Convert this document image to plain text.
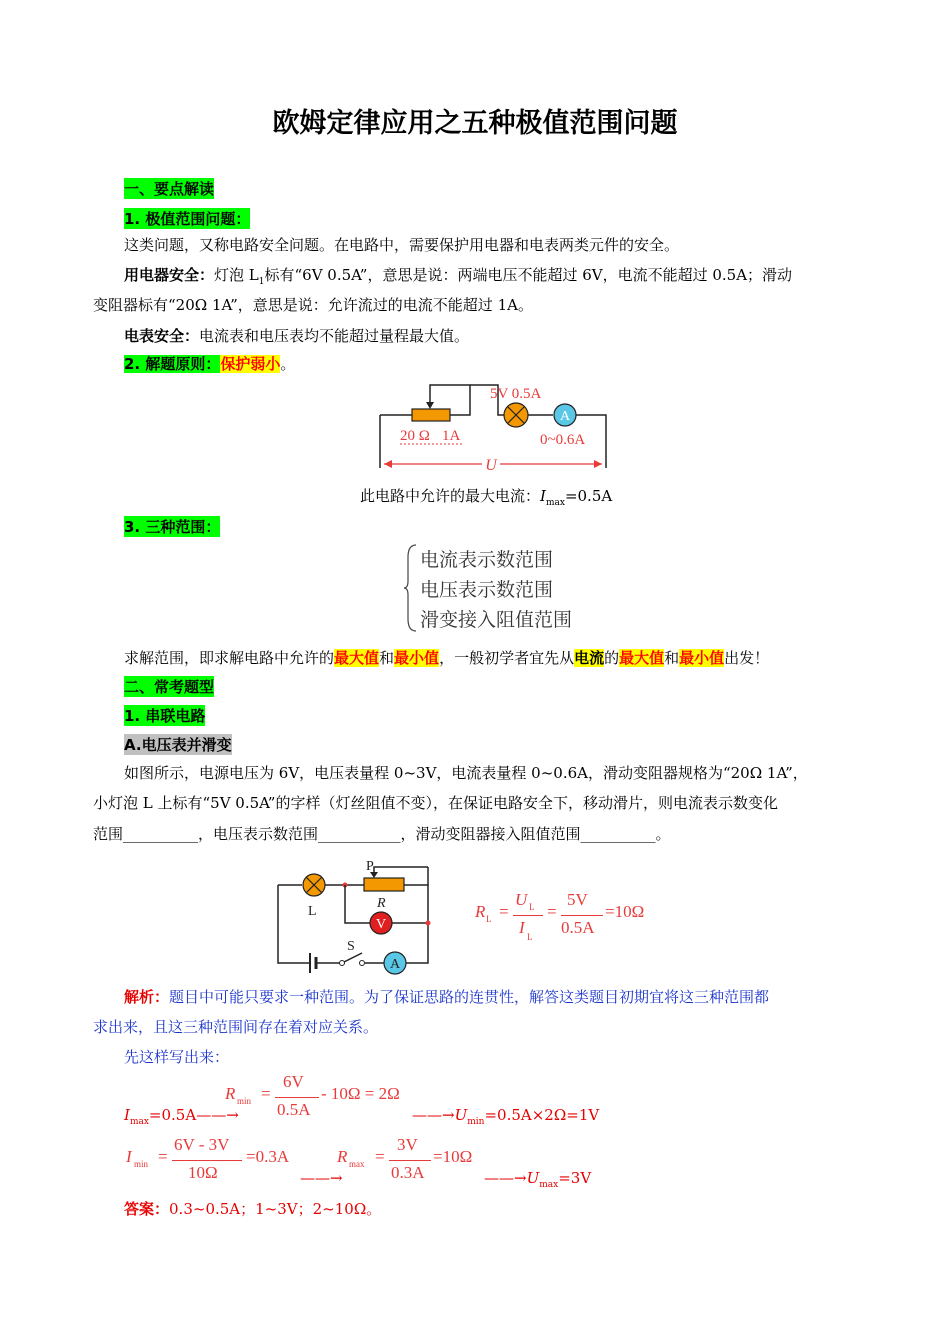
欧姆定律应用之五种极值范围问题
一、要点解读
1. 极值范围问题：
这类问题，又称电路安全问题。在电路中，需要保护用电器和电表两类元件的安全。
用电器安全：灯泡 $L_1$标有“6V 0.5A”，意思是说：两端电压不能超过 6V，电流不能超过 0.5A；滑动
变阻器标有“20Ω 1A”，意思是说：允许流过的电流不能超过 1A。
电表安全：电流表和电压表均不能超过量程最大值。
2. 解题原则：保护弱小。
A
5V 0.5A
20 Ω 1A	0~0.6A
U
此电路中允许的最大电流：$I_{max}=0.5A$
3. 三种范围：
电流表示数范围
电压表示数范围
滑变接入阻值范围
求解范围，即求解电路中允许的最大值和最小值，一般初学者宜先从电流的最大值和最小值出发！
二、常考题型
1. 串联电路
A.电压表并滑变
如图所示，电源电压为 6V，电压表量程 0~3V，电流表量程 0~0.6A，滑动变阻器规格为“20Ω 1A”，
小灯泡 L 上标有“5V 0.5A”的字样（灯丝阻值不变），在保证电路安全下，移动滑片，则电流表示数变化
范围__________，电压表示数范围___________，滑动变阻器接入阻值范围__________。
A
V
P
R
L
S
R L =
U L
I L
=
5V
0.5A
=10Ω
解析：题目中可能只要求一种范围。为了保证思路的连贯性，解答这类题目初期宜将这三种范围都
求出来，且这三种范围间存在着对应关系。
先这样写出来：
$I_{max}=0.5A——\to$
R min =
6V
0.5A
- 10Ω = 2Ω
$——\to U_{min}=0.5A\times 2\Omega=1V$
I min =
6V - 3V
10Ω
=0.3A
——→
R max =
3V
0.3A
=10Ω
$——\to U_{max}=3V$
答案：0.3~0.5A；1~3V；2~10Ω。
